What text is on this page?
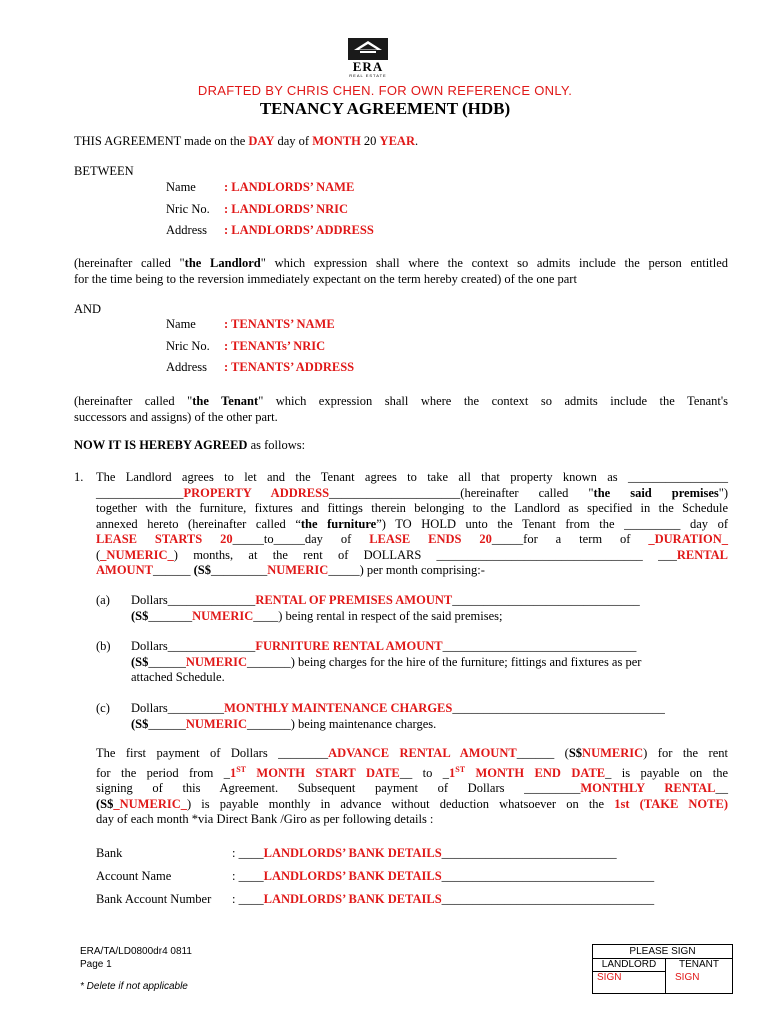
ERA
REAL ESTATE
DRAFTED BY CHRIS CHEN. FOR OWN REFERENCE ONLY.
TENANCY AGREEMENT (HDB)
THIS AGREEMENT made on the DAY day of MONTH 20 YEAR.
BETWEEN
Name : LANDLORDS’ NAME
Nric No. : LANDLORDS’ NRIC
Address : LANDLORDS’ ADDRESS
(hereinafter called "the Landlord" which expression shall where the context so admits include the person entitled
for the time being to the reversion immediately expectant on the term hereby created) of the one part
AND
Name : TENANTS’ NAME
Nric No. : TENANTs’ NRIC
Address : TENANTS’ ADDRESS
(hereinafter called "the Tenant" which expression shall where the context so admits include the Tenant's
successors and assigns) of the other part.
NOW IT IS HEREBY AGREED as follows:
1. The Landlord agrees to let and the Tenant agrees to take all that property known as ________________
______________PROPERTY ADDRESS_____________________(hereinafter called "the said premises")
together with the furniture, fixtures and fittings therein belonging to the Landlord as specified in the Schedule
annexed hereto (hereinafter called “the furniture”) TO HOLD unto the Tenant from the _________ day of
LEASE STARTS 20_____to_____day of LEASE ENDS 20_____for a term of _DURATION_
(_NUMERIC_) months, at the rent of DOLLARS _________________________________ ___RENTAL
AMOUNT______ (S$_________NUMERIC_____) per month comprising:-
(a) Dollars______________RENTAL OF PREMISES AMOUNT______________________________
(S$_______NUMERIC____) being rental in respect of the said premises;
(b) Dollars______________FURNITURE RENTAL AMOUNT_______________________________
(S$______NUMERIC_______) being charges for the hire of the furniture; fittings and fixtures as per
attached Schedule.
(c) Dollars_________MONTHLY MAINTENANCE CHARGES__________________________________
(S$______NUMERIC_______) being maintenance charges.
The first payment of Dollars ________ADVANCE RENTAL AMOUNT______ (S$NUMERIC) for the rent
for the period from _1ST MONTH START DATE__ to _1ST MONTH END DATE_ is payable on the
signing of this Agreement. Subsequent payment of Dollars _________MONTHLY RENTAL__
(S$_NUMERIC_) is payable monthly in advance without deduction whatsoever on the 1st (TAKE NOTE)
day of each month *via Direct Bank /Giro as per following details :
Bank	: ____LANDLORDS’ BANK DETAILS____________________________
Account Name	: ____LANDLORDS’ BANK DETAILS__________________________________
Bank Account Number : ____LANDLORDS’ BANK DETAILS__________________________________
ERA/TA/LD0800dr4 0811
Page 1
* Delete if not applicable
PLEASE SIGN
LANDLORD	TENANT
SIGN	SIGN
